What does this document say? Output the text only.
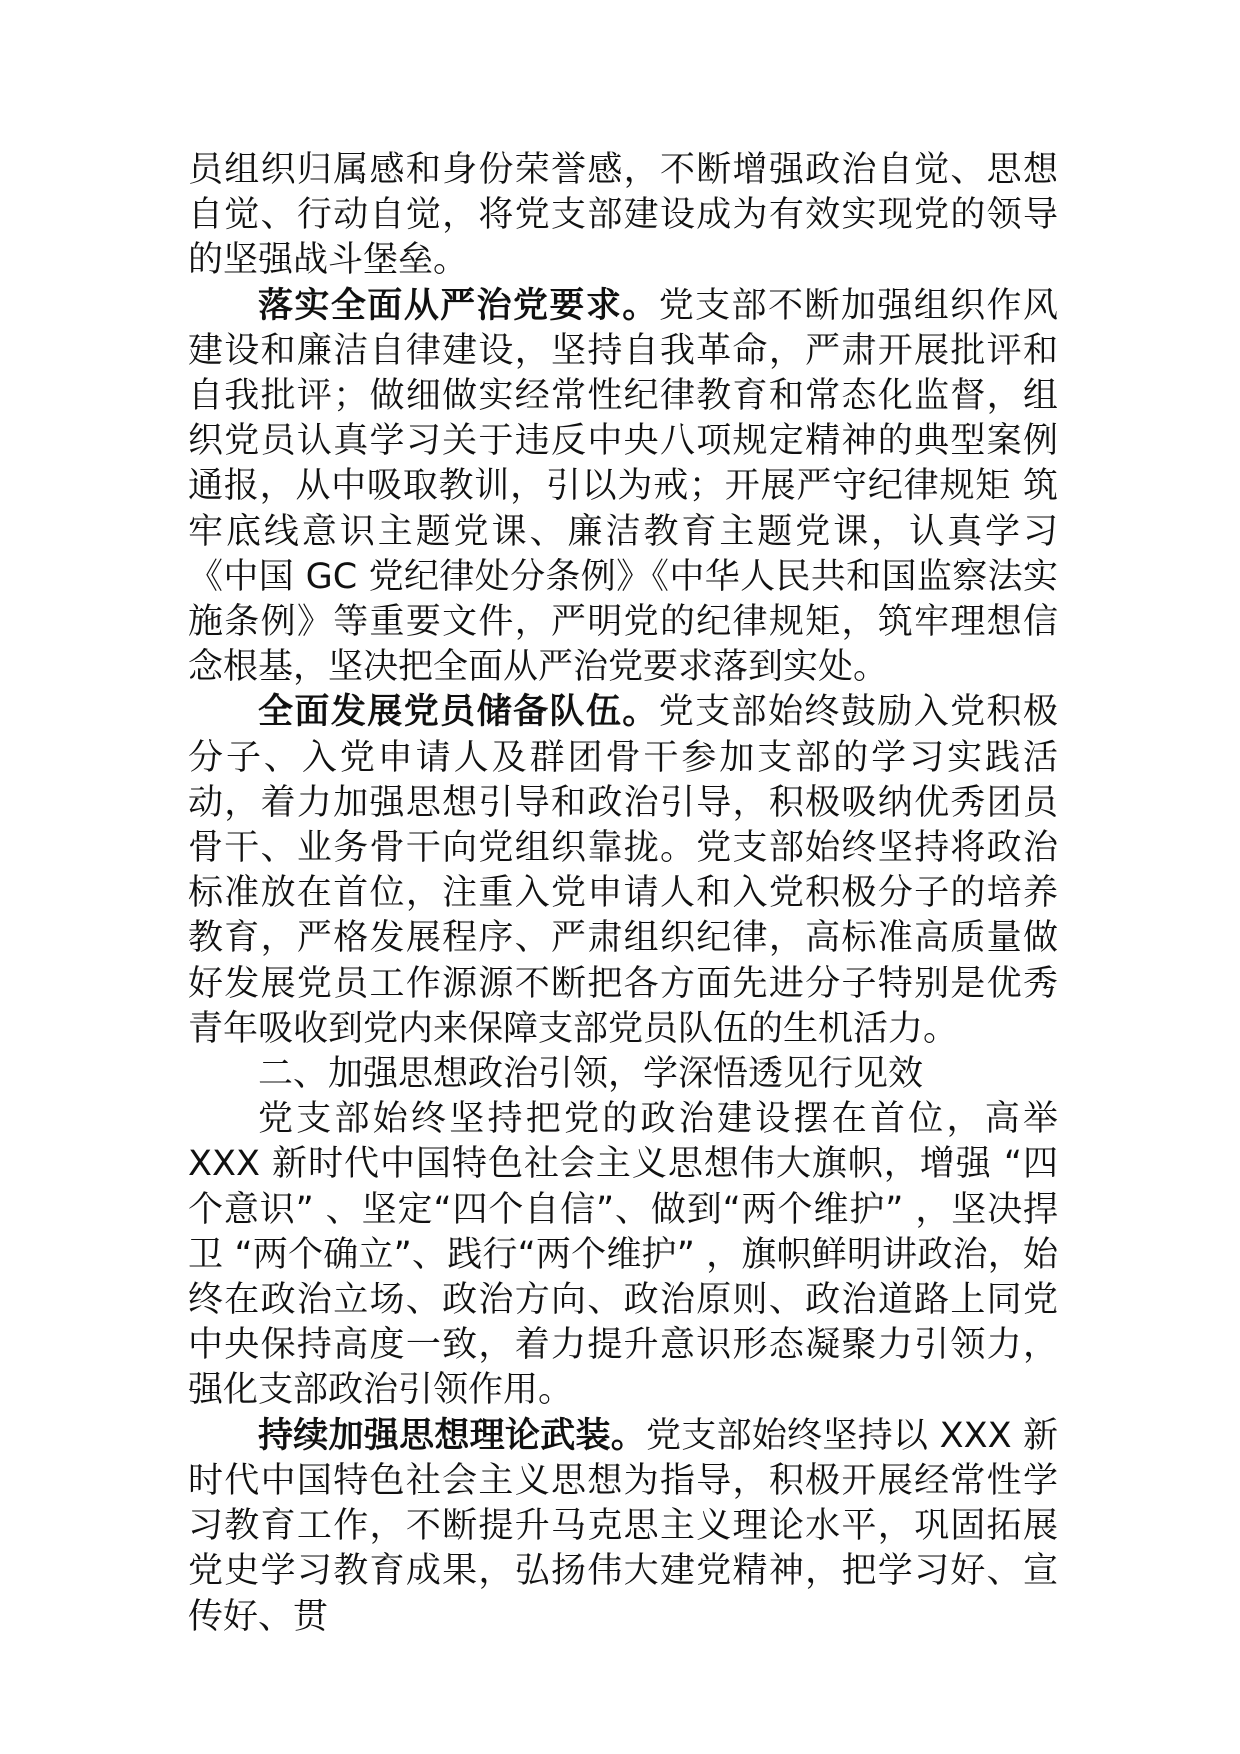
员组织归属感和身份荣誉感，不断增强政治自觉、思想自觉、行动自觉，将党支部建设成为有效实现党的领导的坚强战斗堡垒。

落实全面从严治党要求。党支部不断加强组织作风建设和廉洁自律建设，坚持自我革命，严肃开展批评和自我批评；做细做实经常性纪律教育和常态化监督，组织党员认真学习关于违反中央八项规定精神的典型案例通报，从中吸取教训，引以为戒；开展严守纪律规矩 筑牢底线意识主题党课、廉洁教育主题党课，认真学习《中国 GC 党纪律处分条例》《中华人民共和国监察法实施条例》等重要文件，严明党的纪律规矩，筑牢理想信念根基，坚决把全面从严治党要求落到实处。

全面发展党员储备队伍。党支部始终鼓励入党积极分子、入党申请人及群团骨干参加支部的学习实践活动，着力加强思想引导和政治引导，积极吸纳优秀团员骨干、业务骨干向党组织靠拢。党支部始终坚持将政治标准放在首位，注重入党申请人和入党积极分子的培养教育，严格发展程序、严肃组织纪律，高标准高质量做好发展党员工作源源不断把各方面先进分子特别是优秀青年吸收到党内来保障支部党员队伍的生机活力。

二、加强思想政治引领，学深悟透见行见效

党支部始终坚持把党的政治建设摆在首位，高举 XXX 新时代中国特色社会主义思想伟大旗帜，增强 “四个意识” 、坚定“四个自信”、做到“两个维护” ，坚决捍卫 “两个确立”、践行“两个维护” ，旗帜鲜明讲政治，始终在政治立场、政治方向、政治原则、政治道路上同党中央保持高度一致，着力提升意识形态凝聚力引领力，强化支部政治引领作用。

持续加强思想理论武装。党支部始终坚持以 XXX 新时代中国特色社会主义思想为指导，积极开展经常性学习教育工作，不断提升马克思主义理论水平，巩固拓展党史学习教育成果，弘扬伟大建党精神，把学习好、宣传好、贯
